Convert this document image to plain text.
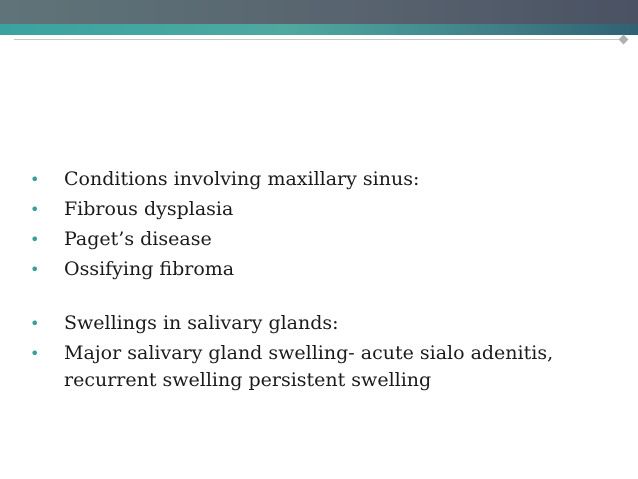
• Conditions involving maxillary sinus:
• Fibrous dysplasia
• Paget’s disease
• Ossifying fibroma
• Swellings in salivary glands:
• Major salivary gland swelling- acute sialo adenitis, recurrent swelling persistent swelling
